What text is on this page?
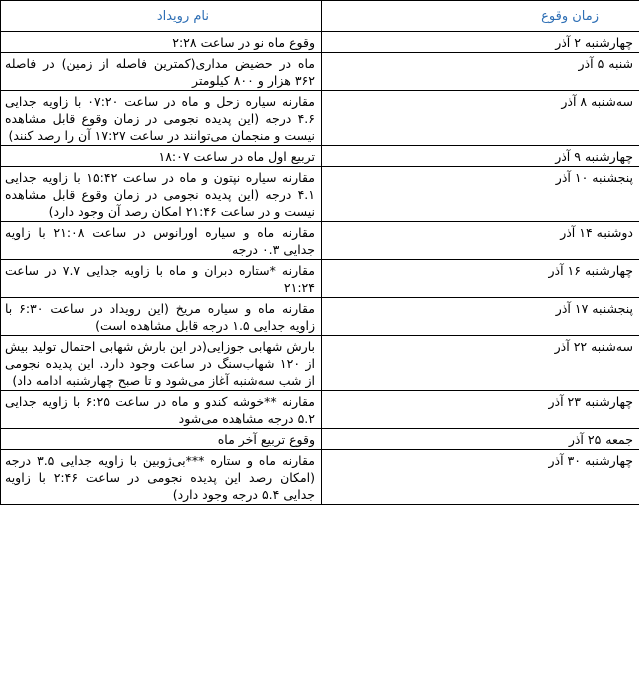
زمان وقوع	نام رویداد
چهارشنبه ۲ آذر	وقوع ماه نو در ساعت ۲:۲۸
شنبه ۵ آذر	ماه در حضیض مداری(کمترین فاصله از زمین) در فاصله ۳۶۲ هزار و ۸۰۰ کیلومتر
سه‌شنبه ۸ آذر	مقارنه سیاره زحل و ماه در ساعت ۰۷:۲۰ با زاویه جدایی ۴.۶ درجه (این پدیده نجومی در زمان وقوع قابل مشاهده نیست و منجمان می‌توانند در ساعت ۱۷:۲۷ آن را رصد کنند)
چهارشنبه ۹ آذر	تربیع اول ماه در ساعت ۱۸:۰۷
پنجشنبه ۱۰ آذر	مقارنه سیاره نپتون و ماه در ساعت ۱۵:۴۲ با زاویه جدایی ۴.۱ درجه (این پدیده نجومی در زمان وقوع قابل مشاهده نیست و در ساعت ۲۱:۴۶ امکان رصد آن وجود دارد)
دوشنبه ۱۴ آذر	مقارنه ماه و سیاره اورانوس در ساعت ۲۱:۰۸ با زاویه جدایی ۰.۳ درجه
چهارشنبه ۱۶ آذر	مقارنه *ستاره دبران و ماه با زاویه جدایی ۷.۷ در ساعت ۲۱:۲۴
پنجشنبه ۱۷ آذر	مقارنه ماه و سیاره مریخ (این رویداد در ساعت ۶:۳۰ با زاویه جدایی ۱.۵ درجه قابل مشاهده است)
سه‌شنبه ۲۲ آذر	بارش شهابی جوزایی(در این بارش شهابی احتمال تولید بیش از ۱۲۰ شهاب‌سنگ در ساعت وجود دارد. این پدیده نجومی از شب سه‌شنبه آغاز می‌شود و تا صبح چهارشنبه ادامه داد)
چهارشنبه ۲۳ آذر	مقارنه **خوشه کندو و ماه در ساعت ۶:۲۵ با زاویه جدایی ۵.۲ درجه مشاهده می‌شود
جمعه ۲۵ آذر	وقوع تربیع آخر ماه
چهارشنبه ۳۰ آذر	مقارنه ماه و ستاره ***بی‌ژوبین با زاویه جدایی ۳.۵ درجه (امکان رصد این پدیده نجومی در ساعت ۲:۴۶ با زاویه جدایی ۵.۴ درجه وجود دارد)
